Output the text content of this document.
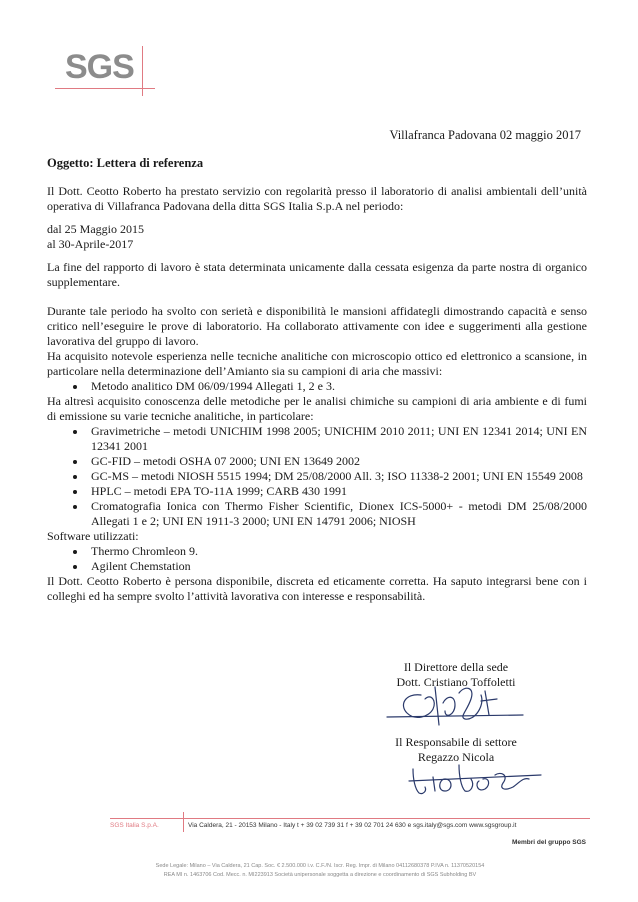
SGS
Villafranca Padovana 02 maggio 2017
Oggetto: Lettera di referenza

Il Dott. Ceotto Roberto ha prestato servizio con regolarità presso il laboratorio di analisi ambientali dell’unità operativa di Villafranca Padovana della ditta SGS Italia S.p.A nel periodo:

dal 25 Maggio 2015

al 30-Aprile-2017

La fine del rapporto di lavoro è stata determinata unicamente dalla cessata esigenza da parte nostra di organico supplementare.

Durante tale periodo ha svolto con serietà e disponibilità le mansioni affidategli dimostrando capacità e senso critico nell’eseguire le prove di laboratorio. Ha collaborato attivamente con idee e suggerimenti alla gestione lavorativa del gruppo di lavoro.

Ha acquisito notevole esperienza nelle tecniche analitiche con microscopio ottico ed elettronico a scansione, in particolare nella determinazione dell’Amianto sia su campioni di aria che massivi:

• Metodo analitico DM 06/09/1994 Allegati 1, 2 e 3.

Ha altresì acquisito conoscenza delle metodiche per le analisi chimiche su campioni di aria ambiente e di fumi di emissione su varie tecniche analitiche, in particolare:

• Gravimetriche – metodi UNICHIM 1998 2005; UNICHIM 2010 2011; UNI EN 12341 2014; UNI EN 12341 2001
• GC-FID – metodi OSHA 07 2000; UNI EN 13649 2002
• GC-MS – metodi NIOSH 5515 1994; DM 25/08/2000 All. 3; ISO 11338-2 2001; UNI EN 15549 2008
• HPLC – metodi EPA TO-11A 1999; CARB 430 1991
• Cromatografia Ionica con Thermo Fisher Scientific, Dionex ICS-5000+ - metodi DM 25/08/2000 Allegati 1 e 2; UNI EN 1911-3 2000; UNI EN 14791 2006; NIOSH

Software utilizzati:

• Thermo Chromleon 9.
• Agilent Chemstation

Il Dott. Ceotto Roberto è persona disponibile, discreta ed eticamente corretta. Ha saputo integrarsi bene con i colleghi ed ha sempre svolto l’attività lavorativa con interesse e responsabilità.

Il Direttore della sede
Dott. Cristiano Toffoletti
Il Responsabile di settore
Regazzo Nicola
SGS Italia S.p.A.	Via Caldera, 21 - 20153 Milano - Italy t + 39 02 739 31 f + 39 02 701 24 630 e sgs.italy@sgs.com www.sgsgroup.it
Membri del gruppo SGS
Sede Legale: Milano – Via Caldera, 21 Cap. Soc. € 2.500.000 i.v. C.F./N. Iscr. Reg. Impr. di Milano 04112680378 P.IVA n. 11370520154
REA MI n. 1463706 Cod. Mecc. n. MI223913 Società unipersonale soggetta a direzione e coordinamento di SGS Subholding BV
